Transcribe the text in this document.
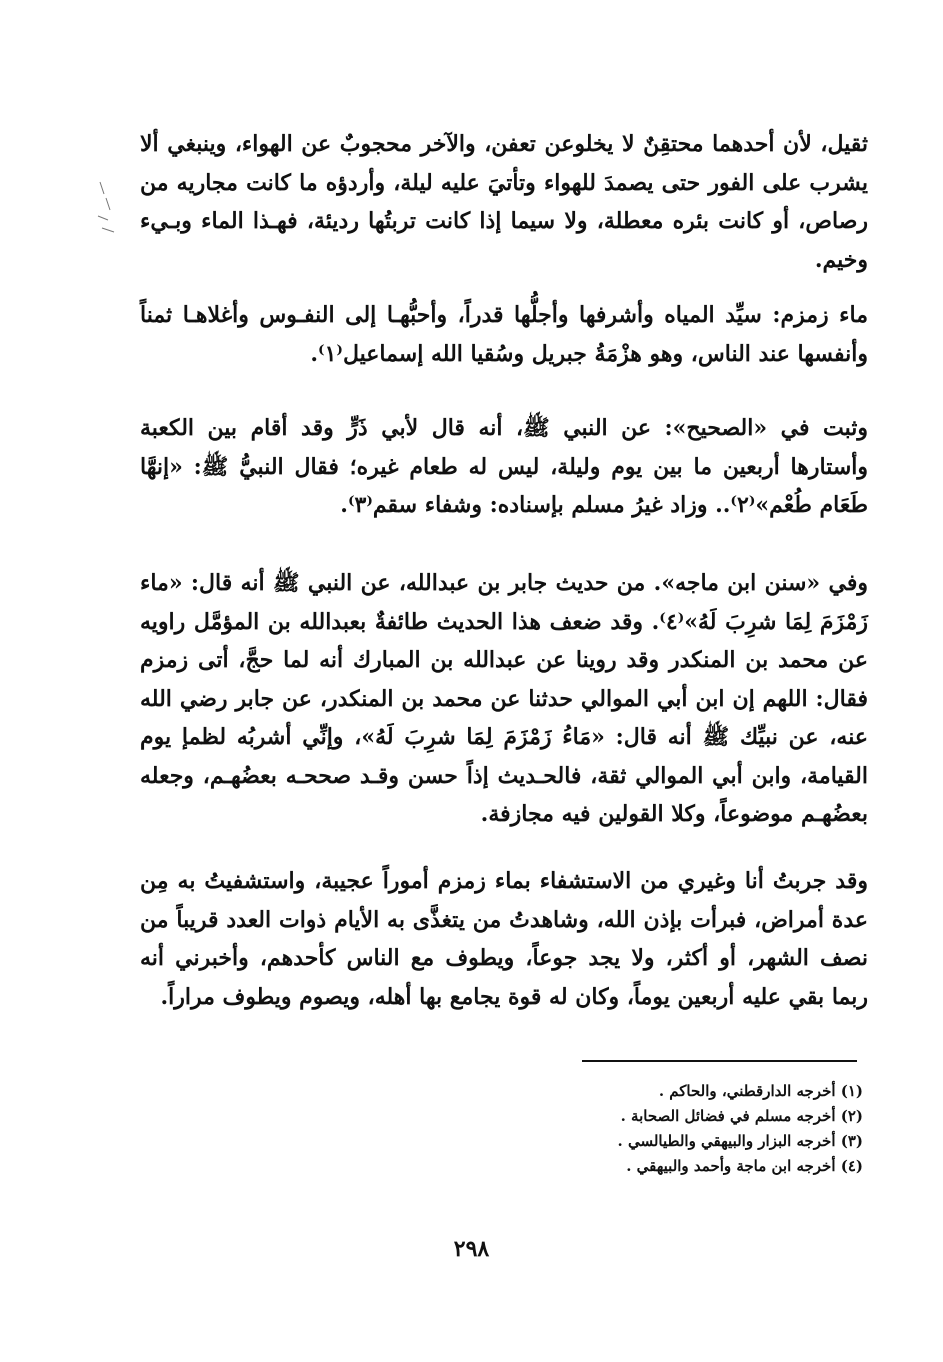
ثقيل، لأن أحدهما محتقِنٌ لا يخلوعن تعفن، والآخر محجوبٌ عن الهواء، وينبغي ألا يشرب على الفور حتى يصمدَ للهواء وتأتيَ عليه ليلة، وأردؤه ما كانت مجاريه من رصاص، أو كانت بئره معطلة، ولا سيما إذا كانت تربتُها رديئة، فهـذا الماء وبـيء وخيم.

ماء زمزم: سيِّد المياه وأشرفها وأجلُّها قدراً، وأحبُّهـا إلى النفـوس وأغلاهـا ثمناً وأنفسها عند الناس، وهو هزْمَةُ جبريل وسُقيا الله إسماعيل⁽١⁾.

وثبت في «الصحيح»: عن النبي ﷺ، أنه قال لأبي ذَرٍّ وقد أقام بين الكعبة وأستارها أربعين ما بين يوم وليلة، ليس له طعام غيره؛ فقال النبيُّ ﷺ: «إنهَّا طَعَام طُعْم»⁽٢⁾.. وزاد غيرُ مسلم بإسناده: وشفاء سقم⁽٣⁾.

وفي «سنن ابن ماجه». من حديث جابر بن عبدالله، عن النبي ﷺ أنه قال: «ماء زَمْزَمَ لِمَا شرِبَ لَهُ»⁽٤⁾. وقد ضعف هذا الحديث طائفةٌ بعبدالله بن المؤمَّل راويه عن محمد بن المنكدر وقد روينا عن عبدالله بن المبارك أنه لما حجَّ، أتى زمزم فقال: اللهم إن ابن أبي الموالي حدثنا عن محمد بن المنكدر، عن جابر رضي الله عنه، عن نبيِّك ﷺ أنه قال: «مَاءُ زَمْزَمَ لِمَا شرِبَ لَهُ»، وإنِّي أشربُه لظمإ يوم القيامة، وابن أبي الموالي ثقة، فالحـديث إذاً حسن وقـد صححـه بعضُهـم، وجعله بعضُهـم موضوعاً، وكلا القولين فيه مجازفة.

وقد جربتُ أنا وغيري من الاستشفاء بماء زمزم أموراً عجيبة، واستشفيتُ به مِن عدة أمراض، فبرأت بإذن الله، وشاهدتُ من يتغذَّى به الأيام ذوات العدد قريباً من نصف الشهر، أو أكثر، ولا يجد جوعاً، ويطوف مع الناس كأحدهم، وأخبرني أنه ربما بقي عليه أربعين يوماً، وكان له قوة يجامع بها أهله، ويصوم ويطوف مراراً.

(١) أخرجه الدارقطني، والحاكم .
(٢) أخرجه مسلم في فضائل الصحابة .
(٣) أخرجه البزار والبيهقي والطيالسي .
(٤) أخرجه ابن ماجة وأحمد والبيهقي .
٢٩٨
